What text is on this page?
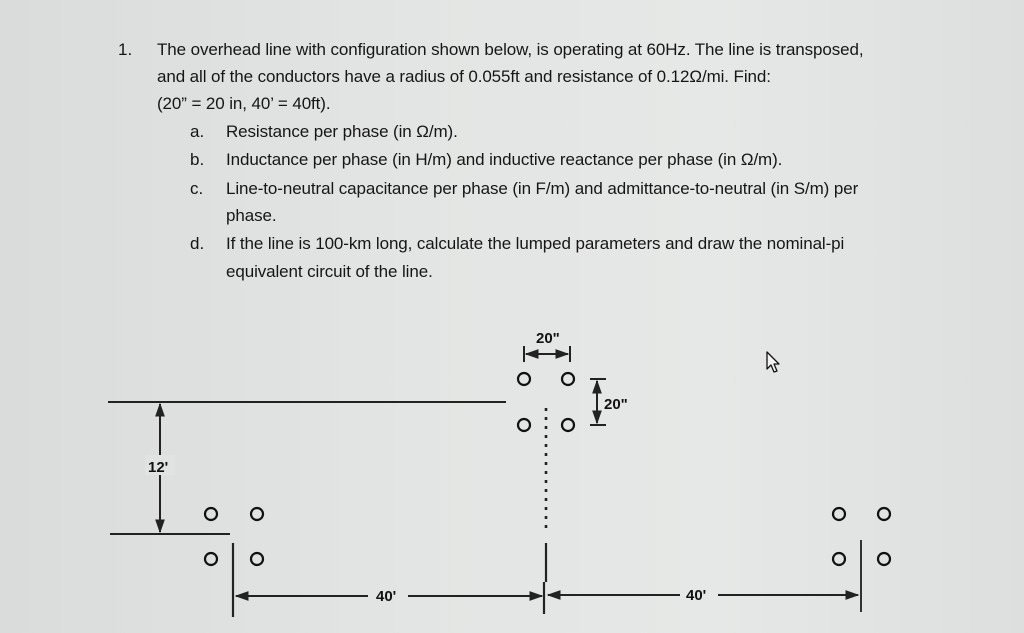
1. The overhead line with configuration shown below, is operating at 60Hz. The line is transposed,
and all of the conductors have a radius of 0.055ft and resistance of 0.12Ω/mi. Find:
(20” = 20 in, 40’ = 40ft).
a. Resistance per phase (in Ω/m).
b. Inductance per phase (in H/m) and inductive reactance per phase (in Ω/m).
c. Line-to-neutral capacitance per phase (in F/m) and admittance-to-neutral (in S/m) per
phase.
d. If the line is 100-km long, calculate the lumped parameters and draw the nominal-pi
equivalent circuit of the line.
12'
20"
20"
40'	40'
